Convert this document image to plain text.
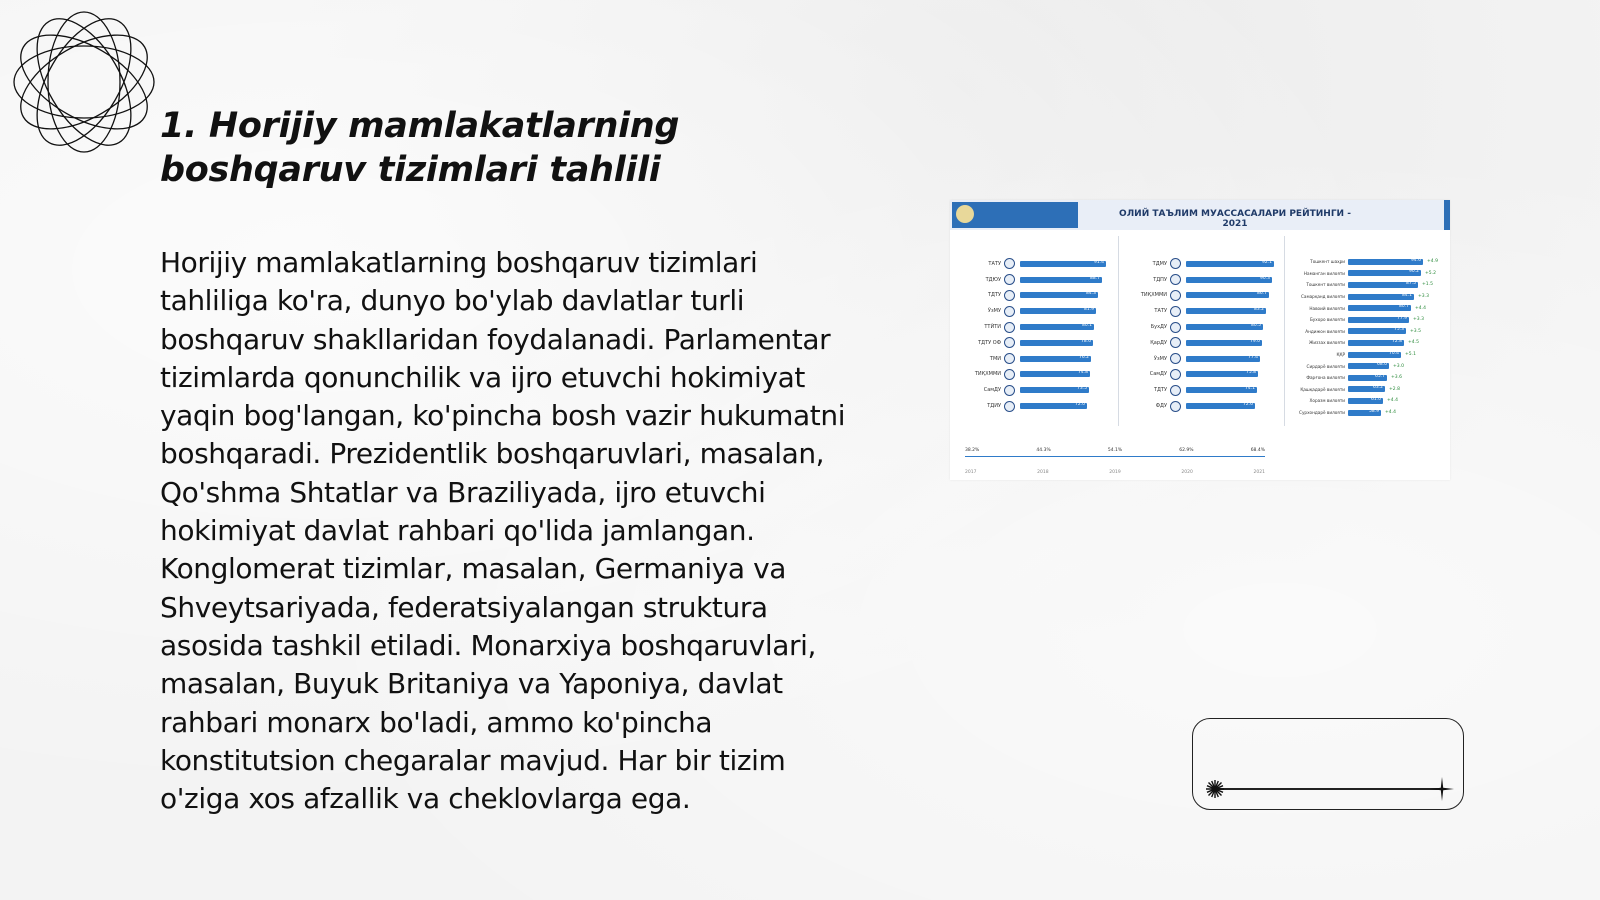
1. Horijiy mamlakatlarning boshqaruv tizimlari tahlili

Horijiy mamlakatlarning boshqaruv tizimlari tahliliga ko'ra, dunyo bo'ylab davlatlar turli boshqaruv shakllaridan foydalanadi. Parlamentar tizimlarda qonunchilik va ijro etuvchi hokimiyat yaqin bog'langan, ko'pincha bosh vazir hukumatni boshqaradi. Prezidentlik boshqaruvlari, masalan, Qo'shma Shtatlar va Braziliyada, ijro etuvchi hokimiyat davlat rahbari qo'lida jamlangan. Konglomerat tizimlar, masalan, Germaniya va Shveytsariyada, federatsiyalangan struktura asosida tashkil etiladi. Monarxiya boshqaruvlari, masalan, Buyuk Britaniya va Yaponiya, davlat rahbari monarx bo'ladi, ammo ko'pincha konstitutsion chegaralar mavjud. Har bir tizim o'ziga xos afzallik va cheklovlarga ega.

ОЛИЙ ТАЪЛИМ МУАССАСАЛАРИ РЕЙТИНГИ - 2021
ТАТУ	91.4
ТДЮУ	88.7
ТДТУ	84.3
ЎзМУ	81.9
ТТЙТИ	80.1
ТДТУ ОФ	78.6
ТМИ	76.2
ТИҚХММИ	74.8
СамДУ	73.5
ТДИУ	72.0
ТДМУ	92.1
ТДПУ	90.3
ТИҚХММИ	86.7
ТАТУ	83.2
БухДУ	80.5
ҚарДУ	79.0
ЎзМУ	77.4
СамДУ	75.8
ТДТУ	74.1
ФДУ	72.6
Тошкент шаҳри	94.6 +4.9
Наманган вилояти	90.2 +5.2
Тошкент вилояти	87.5 +1.5
Самарқанд вилояти	84.1 +3.3
Навоий вилояти	80.7 +4.4
Бухоро вилояти	77.9 +3.3
Андижон вилояти	75.3 +3.5
Жиззах вилояти	72.8 +4.5
ҚҚР	70.4 +5.1
Сирдарё вилояти	68.0 +3.0
Фарғона вилояти	65.7 +3.6
Қашқадарё вилояти	63.2 +2.8
Хоразм вилояти	61.0 +4.4
Сурхондарё вилояти	58.9 +4.4
38.2%	44.3%	54.1%	62.9%	68.4%
2017	2018	2019	2020	2021
